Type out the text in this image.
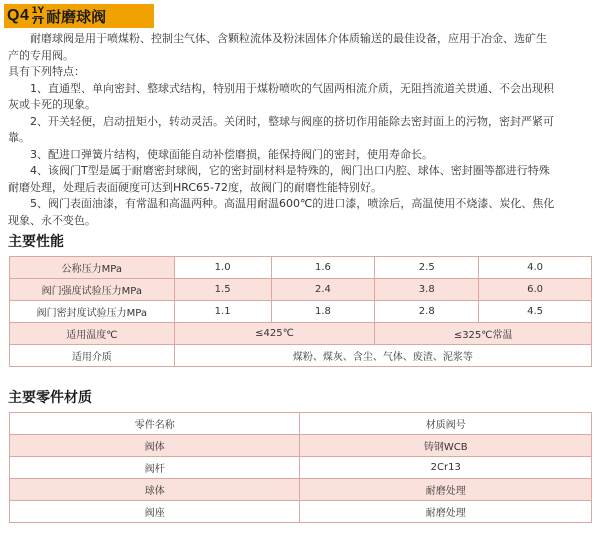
$Q4 \frac{1Y}{7T}$ 耐磨球阀

耐磨球阀是用于喷煤粉、控制尘气体、含颗粒流体及粉沫固体介体质输送的最佳设备，应用于冶金、选矿生

产的专用阀。

具有下列特点：

1、直通型、单向密封、整球式结构，特别用于煤粉喷吹的气固两相流介质，无阻挡流道关贯通、不会出现积

灰或卡死的现象。

2、开关轻便，启动扭矩小，转动灵活。关闭时，整球与阀座的挤切作用能除去密封面上的污物，密封严紧可

靠。

3、配进口弹簧片结构，使球面能自动补偿磨损，能保持阀门的密封，使用寿命长。

4、该阀门T型是属于耐磨密封球阀，它的密封副材料是特殊的，阀门出口内腔、球体、密封圈等都进行特殊

耐磨处理，处理后表面硬度可达到HRC65-72度，故阀门的耐磨性能特别好。

5、阀门表面油漆，有常温和高温两种。高温用耐温600℃的进口漆，喷涂后，高温使用不烧漆、炭化、焦化

现象、永不变色。

主要性能
公称压力MPa	1.0	1.6	2.5	4.0
阀门强度试验压力MPa	1.5	2.4	3.8	6.0
阀门密封度试验压力MPa	1.1	1.8	2.8	4.5
适用温度℃	≤425℃		≤325℃常温	
适用介质	煤粉、煤灰、含尘、气体、废渣、泥浆等			
主要零件材质
零件名称	材质阀号
阀体	铸钢WCB
阀杆	2Cr13
球体	耐磨处理
阀座	耐磨处理
